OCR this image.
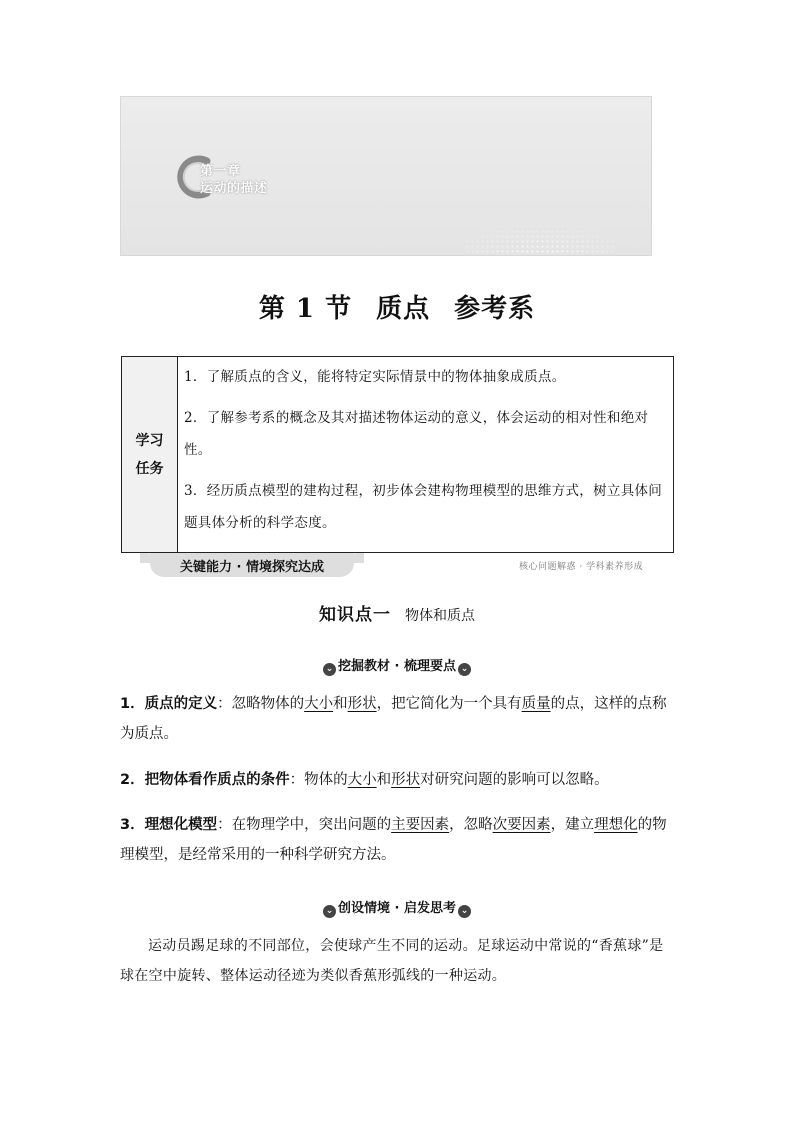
第一章
运动的描述
第 1 节 质点 参考系
学习
任务

1．了解质点的含义，能将特定实际情景中的物体抽象成质点。

2．了解参考系的概念及其对描述物体运动的意义，体会运动的相对性和绝对性。

3．经历质点模型的建构过程，初步体会建构物理模型的思维方式，树立具体问题具体分析的科学态度。

关键能力 · 情境探究达成	核心问题解惑 · 学科素养形成
知识点一 物体和质点
⌄ 挖掘教材 · 梳理要点 ⌄
1．质点的定义：忽略物体的大小和形状，把它简化为一个具有质量的点，这样的点称为质点。
2．把物体看作质点的条件：物体的大小和形状对研究问题的影响可以忽略。
3．理想化模型：在物理学中，突出问题的主要因素，忽略次要因素，建立理想化的物理模型，是经常采用的一种科学研究方法。
⌄ 创设情境 · 启发思考 ⌄
运动员踢足球的不同部位，会使球产生不同的运动。足球运动中常说的“香蕉球”是球在空中旋转、整体运动径迹为类似香蕉形弧线的一种运动。
